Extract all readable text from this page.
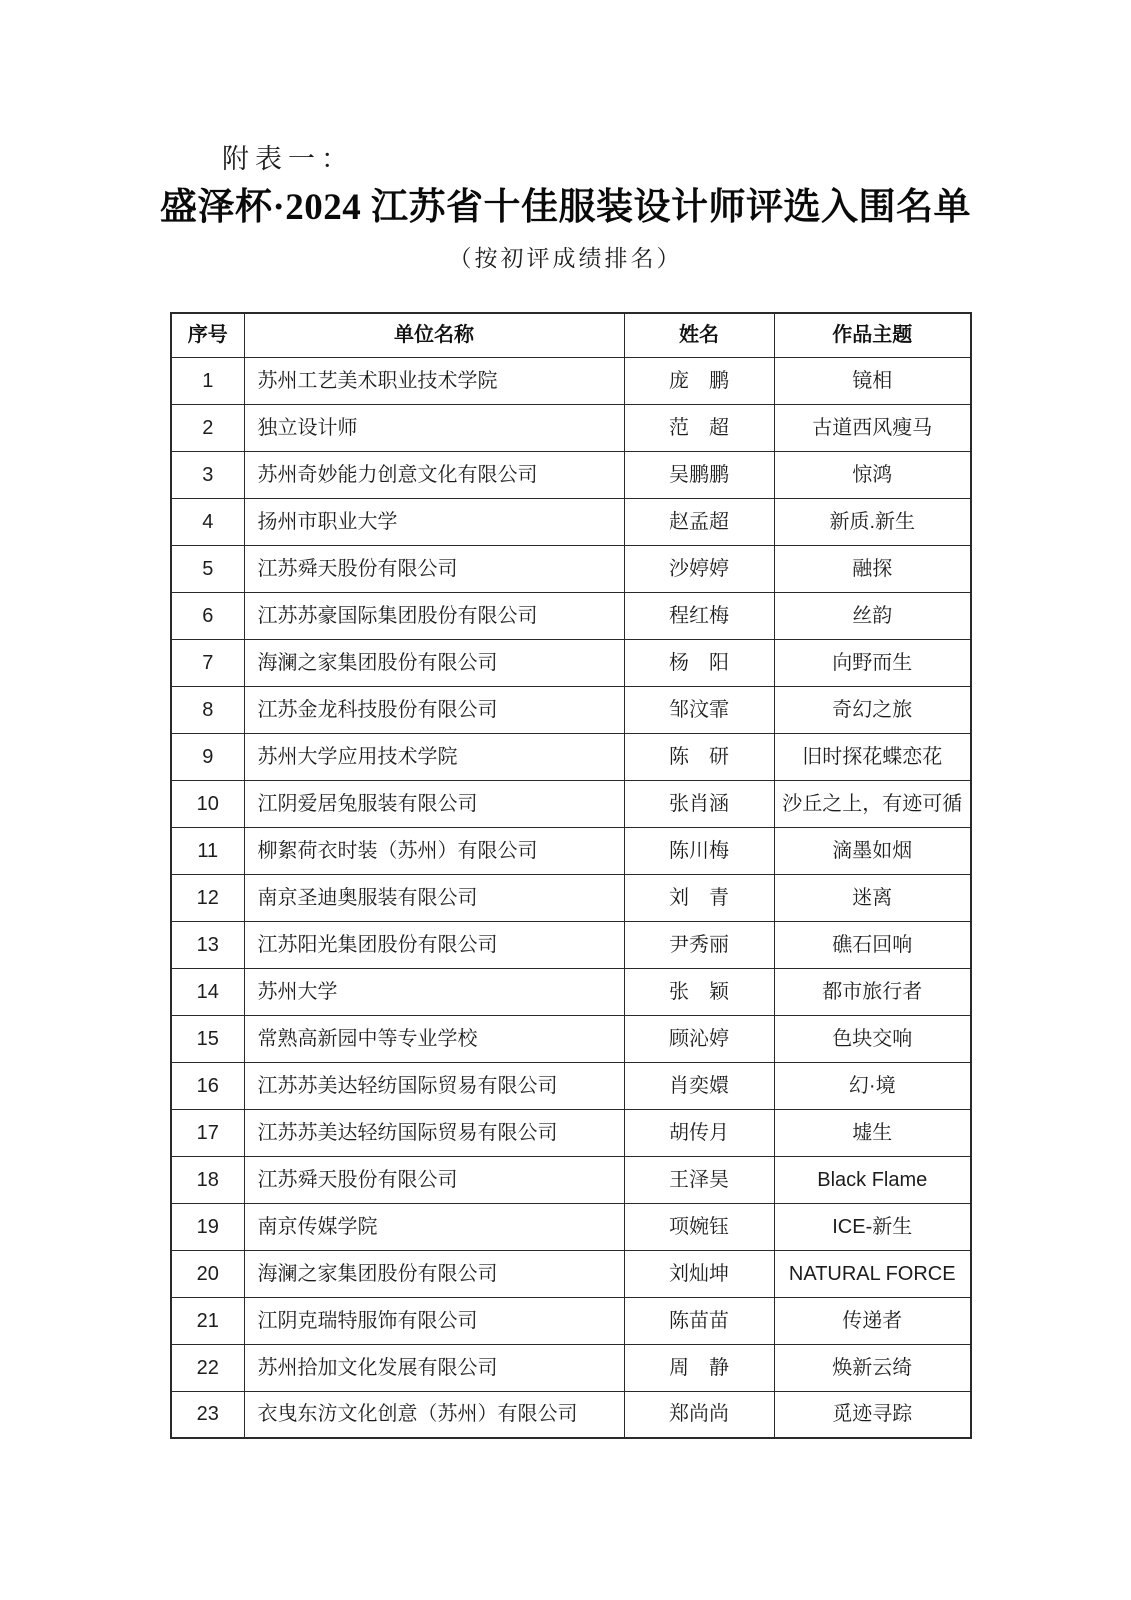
附表一：
盛泽杯·2024 江苏省十佳服装设计师评选入围名单
（按初评成绩排名）
序号	单位名称	姓名	作品主题
1	苏州工艺美术职业技术学院	庞　鹏	镜相
2	独立设计师	范　超	古道西风瘦马
3	苏州奇妙能力创意文化有限公司	吴鹏鹏	惊鸿
4	扬州市职业大学	赵孟超	新质.新生
5	江苏舜天股份有限公司	沙婷婷	融探
6	江苏苏豪国际集团股份有限公司	程红梅	丝韵
7	海澜之家集团股份有限公司	杨　阳	向野而生
8	江苏金龙科技股份有限公司	邹汶霏	奇幻之旅
9	苏州大学应用技术学院	陈　研	旧时探花蝶恋花
10	江阴爱居兔服装有限公司	张肖涵	沙丘之上，有迹可循
11	柳絮荷衣时装（苏州）有限公司	陈川梅	滴墨如烟
12	南京圣迪奥服装有限公司	刘　青	迷离
13	江苏阳光集团股份有限公司	尹秀丽	礁石回响
14	苏州大学	张　颖	都市旅行者
15	常熟高新园中等专业学校	顾沁婷	色块交响
16	江苏苏美达轻纺国际贸易有限公司	肖奕嬛	幻·境
17	江苏苏美达轻纺国际贸易有限公司	胡传月	墟生
18	江苏舜天股份有限公司	王泽昊	Black Flame
19	南京传媒学院	项婉钰	ICE-新生
20	海澜之家集团股份有限公司	刘灿坤	NATURAL FORCE
21	江阴克瑞特服饰有限公司	陈苗苗	传递者
22	苏州拾加文化发展有限公司	周　静	焕新云绮
23	衣曳东汸文化创意（苏州）有限公司	郑尚尚	觅迹寻踪
